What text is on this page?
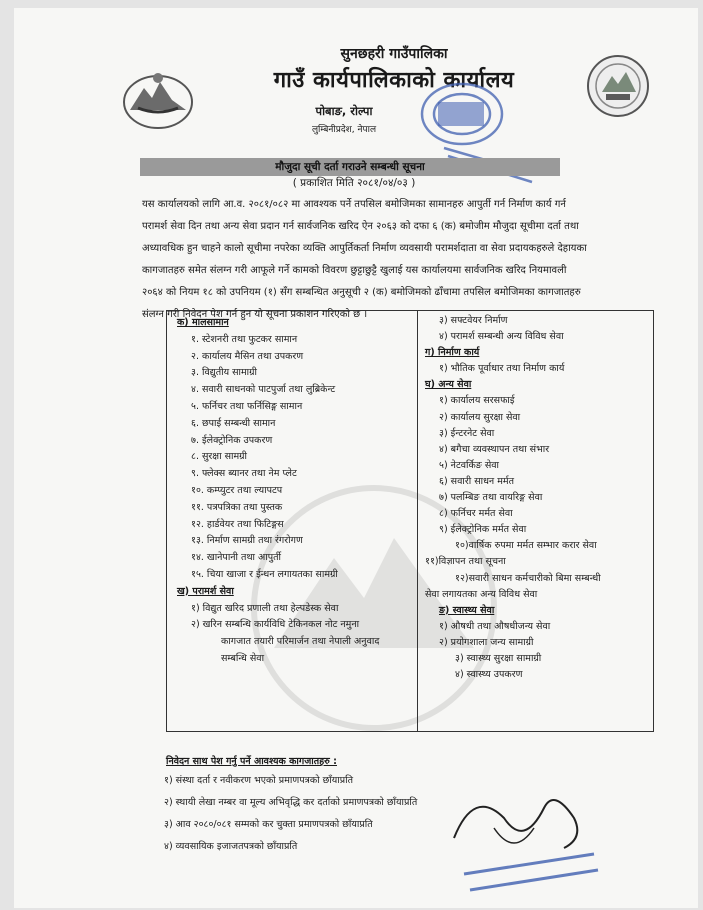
सुनछहरी गाउँपालिका
गाउँ कार्यपालिकाको कार्यालय
पोबाङ, रोल्पा
लुम्बिनीप्रदेश, नेपाल
मौजुदा सूची दर्ता गराउने सम्बन्धी सूचना
( प्रकाशित मिति २०८१/०४/०३ )
यस कार्यालयको लागि आ.व. २०८१/०८२ मा आवश्यक पर्ने तपसिल बमोजिमका सामानहरु आपुर्ती गर्न निर्माण कार्य गर्न
परामर्श सेवा दिन तथा अन्य सेवा प्रदान गर्न सार्वजनिक खरिद ऐन २०६३ को दफा ६ (क) बमोजीम मौजुदा सूचीमा दर्ता तथा
अध्यावधिक हुन चाहने कालो सूचीमा नपरेका व्यक्ति आपुर्तिकर्ता निर्माण व्यवसायी परामर्शदाता वा सेवा प्रदायकहरुले देहायका
कागजातहरु समेत संलग्न गरी आफूले गर्ने कामको विवरण छुट्टाछुट्टै खुलाई यस कार्यालयमा सार्वजनिक खरिद नियमावली
२०६४ को नियम १८ को उपनियम (१) सँग सम्बन्धित अनुसूची २ (क) बमोजिमको ढाँचामा तपसिल बमोजिमका कागजातहरु
संलग्न गरी निवेदन पेश गर्न हुन यो सूचना प्रकाशन गरिएको छ ।
क) मालसामान
१. स्टेशनरी तथा फुटकर सामान
२. कार्यालय मैसिन तथा उपकरण
३. विद्युतीय सामाग्री
४. सवारी साधनको पाटपुर्जा तथा लुब्रिकेन्ट
५. फर्निचर तथा फर्निसिङ्ग सामान
६. छपाई सम्बन्धी सामान
७. ईलेक्ट्रोनिक उपकरण
८. सुरक्षा सामग्री
९. फ्लेक्स ब्यानर तथा नेम प्लेट
१०. कम्प्युटर तथा ल्यापटप
११. पत्रपत्रिका तथा पुस्तक
१२. हार्डवेयर तथा फिटिङ्गस
१३. निर्माण सामग्री तथा रंगरोगण
१४. खानेपानी तथा आपुर्ती
१५. चिया खाजा र ईन्धन लगायतका सामग्री
ख) परामर्श सेवा
१) विद्युत खरिद प्रणाली तथा हेल्पडेस्क सेवा
२) खरिन सम्बन्धि कार्यविधि टेकिनकल नोट नमुना
कागजात तयारी परिमार्जन तथा नेपाली अनुवाद
सम्बन्धि सेवा
३) सफ्टवेयर निर्माण
४) परामर्श सम्बन्धी अन्य विविध सेवा
ग) निर्माण कार्य
१) भौतिक पूर्वाधार तथा निर्माण कार्य
घ) अन्य सेवा
१) कार्यालय सरसफाई
२) कार्यालय सुरक्षा सेवा
३) ईन्टरनेट सेवा
४) बगैचा व्यवस्थापन तथा संभार
५) नेटवर्किङ सेवा
६) सवारी साधन मर्मत
७) पलम्बिङ तथा वायरिङ्ग सेवा
८) फर्निचर मर्मत सेवा
९) ईलेक्ट्रोनिक मर्मत सेवा
१०)वार्षिक रुपमा मर्मत सम्भार करार सेवा
११)विज्ञापन तथा सूचना
१२)सवारी साधन कर्मचारीको बिमा सम्बन्धी
सेवा लगायतका अन्य विविध सेवा
ङ) स्वास्थ्य सेवा
१) औषधी तथा औषधीजन्य सेवा
२) प्रयोगशाला जन्य सामाग्री
३) स्वास्थ्य सुरक्षा सामाग्री
४) स्वास्थ्य उपकरण
निवेदन साथ पेश गर्नु पर्ने आवश्यक कागजातहरु :
१) संस्था दर्ता र नवीकरण भएको प्रमाणपत्रको छाँयाप्रति
२) स्थायी लेखा नम्बर वा मूल्य अभिवृद्धि कर दर्ताको प्रमाणपत्रको छाँयाप्रति
३) आव २०८०/०८१ सम्मको कर चुक्ता प्रमाणपत्रको छाँयाप्रति
४) व्यवसायिक इजाजतपत्रको छाँयाप्रति
